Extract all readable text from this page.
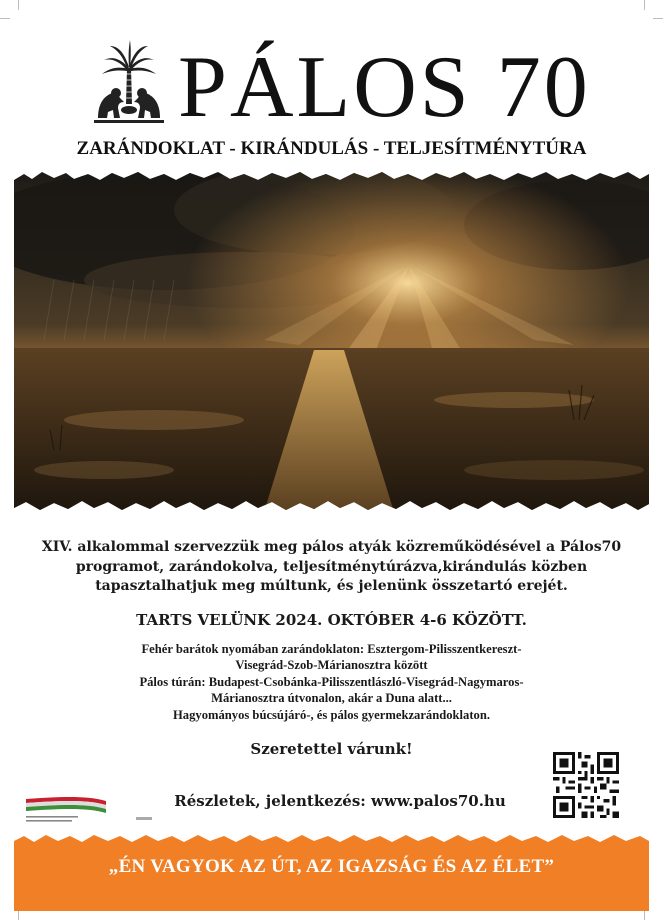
PÁLOS 70
ZARÁNDOKLAT - KIRÁNDULÁS - TELJESÍTMÉNYTÚRA

XIV. alkalommal szervezzük meg pálos atyák közreműködésével a Pálos70 programot, zarándokolva, teljesítménytúrázva,kirándulás közben tapasztalhatjuk meg múltunk, és jelenünk összetartó erejét.

TARTS VELÜNK 2024. OKTÓBER 4-6 KÖZÖTT.

Fehér barátok nyomában zarándoklaton: Esztergom-Pilisszentkereszt-
Visegrád-Szob-Márianosztra között
Pálos túrán: Budapest-Csobánka-Pilisszentlászló-Visegrád-Nagymaros-
Márianosztra útvonalon, akár a Duna alatt...
Hagyományos búcsújáró-, és pálos gyermekzarándoklaton.
Szeretettel várunk!
Részletek, jelentkezés: www.palos70.hu
„ÉN VAGYOK AZ ÚT, AZ IGAZSÁG ÉS AZ ÉLET”
